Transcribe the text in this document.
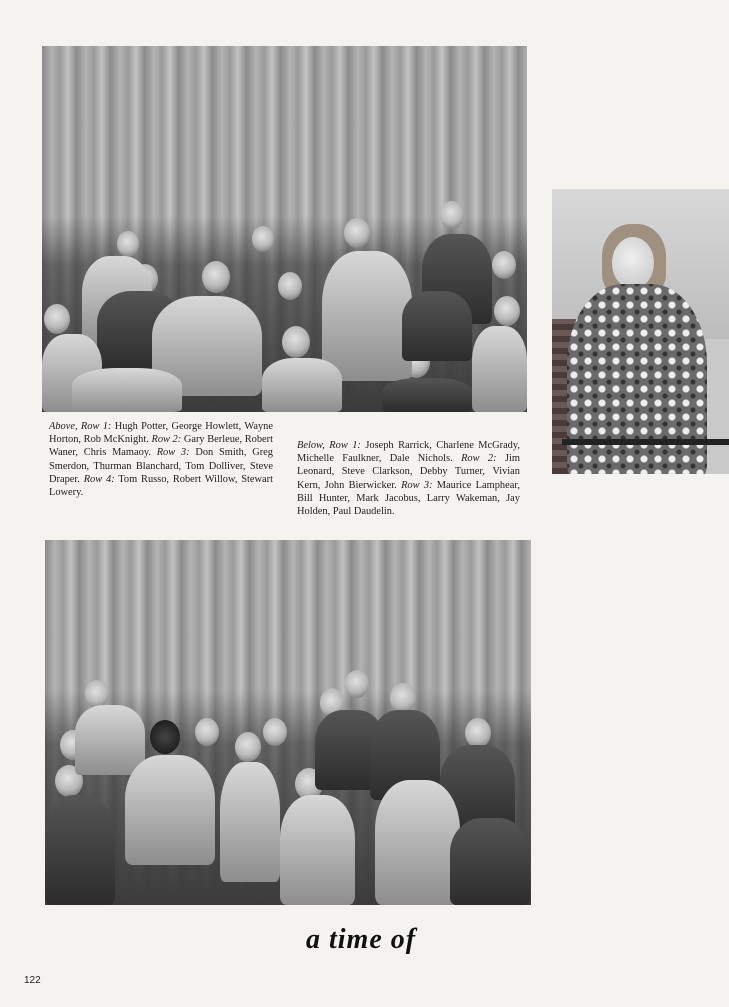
Above, Row 1: Hugh Potter, George Howlett, Wayne Horton, Rob McKnight. Row 2: Gary Berleue, Robert Waner, Chris Mamaoy. Row 3: Don Smith, Greg Smerdon, Thurman Blanchard, Tom Dolliver, Steve Draper. Row 4: Tom Russo, Robert Willow, Stewart Lowery.

Below, Row 1: Joseph Rarrick, Charlene McGrady, Michelle Faulkner, Dale Nichols. Row 2: Jim Leonard, Steve Clarkson, Debby Turner, Vivian Kern, John Bierwicker. Row 3: Maurice Lamphear, Bill Hunter, Mark Jacobus, Larry Wakeman, Jay Holden, Paul Daudelin.

a time of
122
